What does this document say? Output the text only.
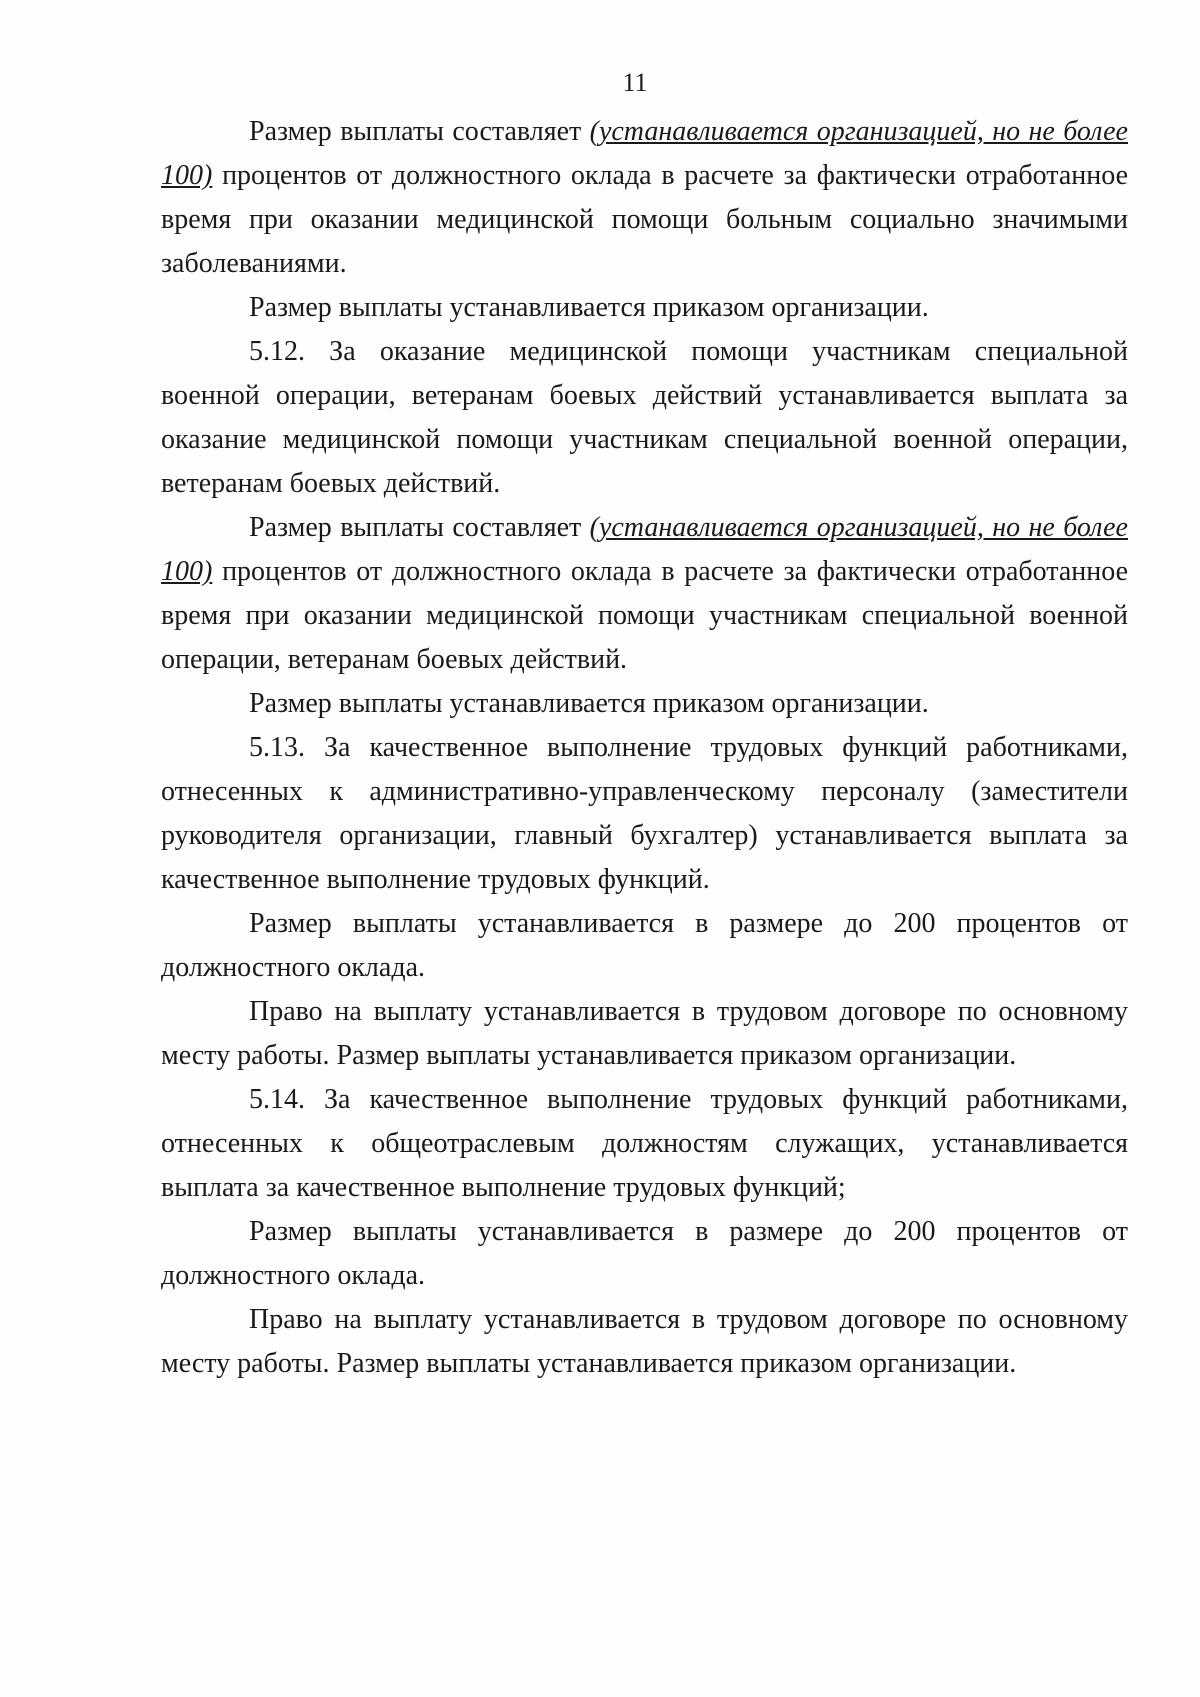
11

Размер выплаты составляет (устанавливается организацией, но не более 100) процентов от должностного оклада в расчете за фактически отработанное время при оказании медицинской помощи больным социально значимыми заболеваниями.

Размер выплаты устанавливается приказом организации.

5.12. За оказание медицинской помощи участникам специальной военной операции, ветеранам боевых действий устанавливается выплата за оказание медицинской помощи участникам специальной военной операции, ветеранам боевых действий.

Размер выплаты составляет (устанавливается организацией, но не более 100) процентов от должностного оклада в расчете за фактически отработанное время при оказании медицинской помощи участникам специальной военной операции, ветеранам боевых действий.

Размер выплаты устанавливается приказом организации.

5.13. За качественное выполнение трудовых функций работниками, отнесенных к административно-управленческому персоналу (заместители руководителя организации, главный бухгалтер) устанавливается выплата за качественное выполнение трудовых функций.

Размер выплаты устанавливается в размере до 200 процентов от должностного оклада.

Право на выплату устанавливается в трудовом договоре по основному месту работы. Размер выплаты устанавливается приказом организации.

5.14. За качественное выполнение трудовых функций работниками, отнесенных к общеотраслевым должностям служащих, устанавливается выплата за качественное выполнение трудовых функций;

Размер выплаты устанавливается в размере до 200 процентов от должностного оклада.

Право на выплату устанавливается в трудовом договоре по основному месту работы. Размер выплаты устанавливается приказом организации.
